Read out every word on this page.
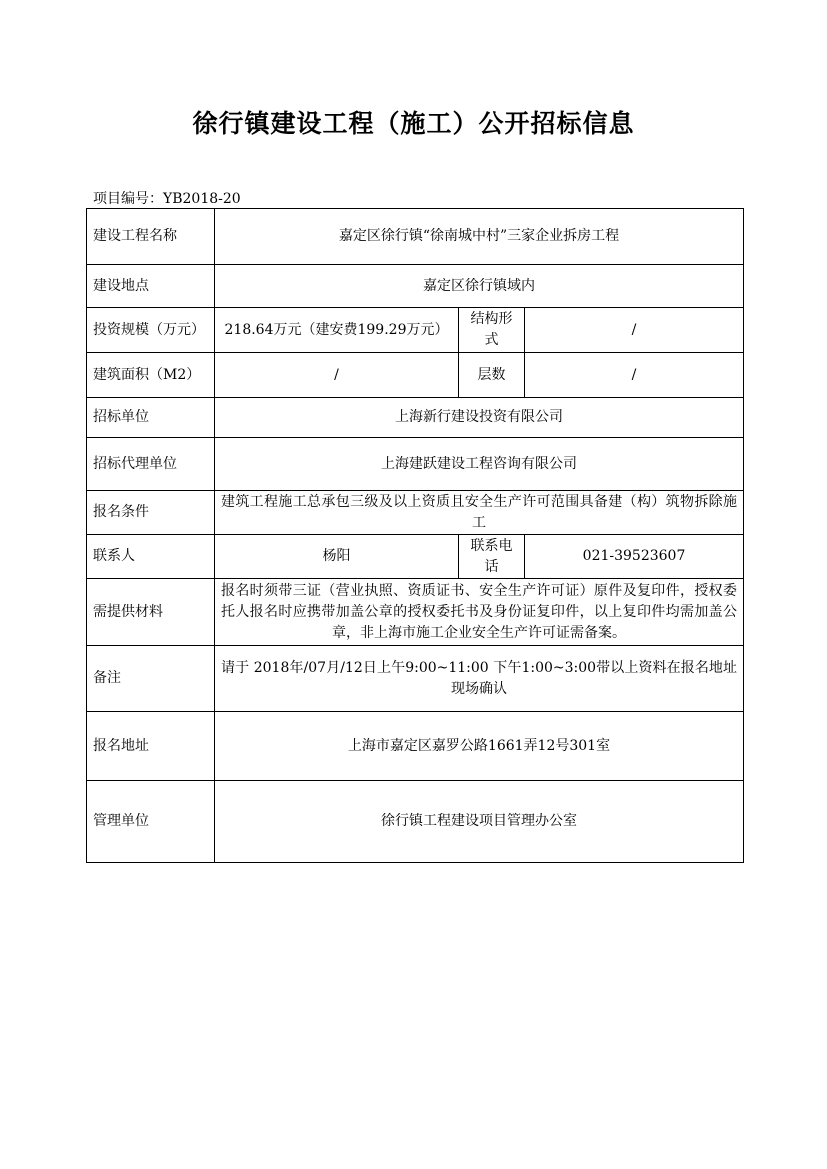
徐行镇建设工程（施工）公开招标信息
项目编号：YB2018-20
建设工程名称	嘉定区徐行镇“徐南城中村”三家企业拆房工程		
建设地点	嘉定区徐行镇域内		
投资规模（万元）	218.64万元（建安费199.29万元）	结构形式	/
建筑面积（M2）	/	层数	/
招标单位	上海新行建设投资有限公司		
招标代理单位	上海建跃建设工程咨询有限公司		
报名条件	建筑工程施工总承包三级及以上资质且安全生产许可范围具备建（构）筑物拆除施工		
联系人	杨阳	联系电话	021-39523607
需提供材料	报名时须带三证（营业执照、资质证书、安全生产许可证）原件及复印件，授权委托人报名时应携带加盖公章的授权委托书及身份证复印件，以上复印件均需加盖公章，非上海市施工企业安全生产许可证需备案。		
备注	请于 2018年/07月/12日上午9:00~11:00 下午1:00~3:00带以上资料在报名地址现场确认		
报名地址	上海市嘉定区嘉罗公路1661弄12号301室		
管理单位	徐行镇工程建设项目管理办公室		
